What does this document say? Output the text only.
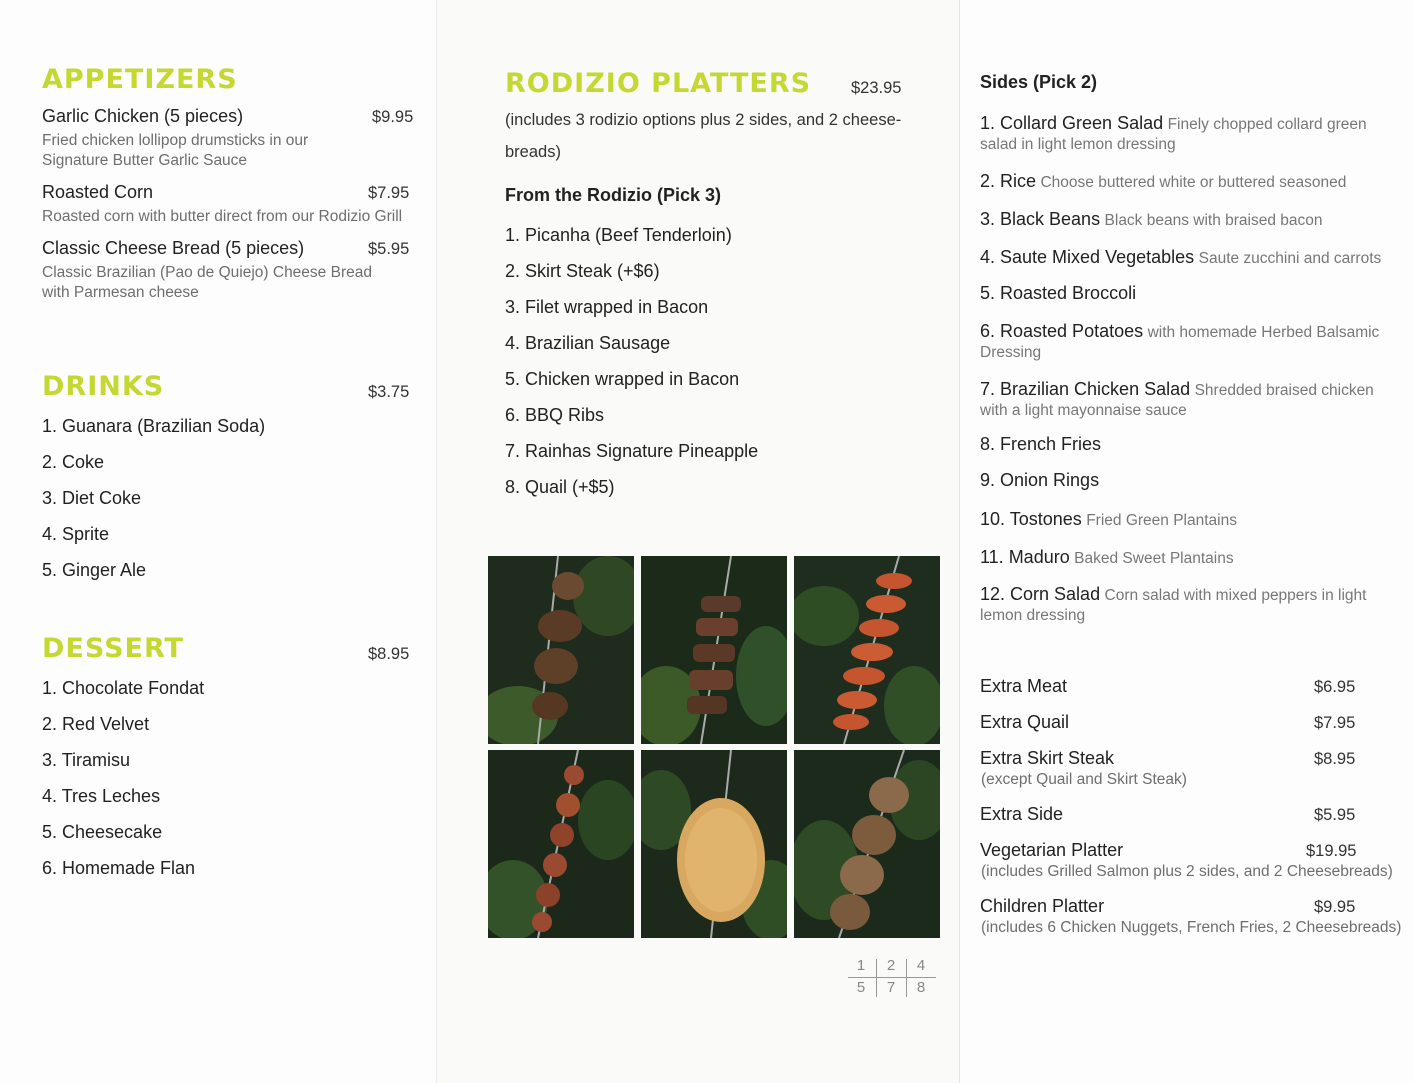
APPETIZERS
Garlic Chicken (5 pieces)	$9.95
Fried chicken lollipop drumsticks in our Signature Butter Garlic Sauce
Roasted Corn	$7.95
Roasted corn with butter direct from our Rodizio Grill
Classic Cheese Bread (5 pieces)	$5.95
Classic Brazilian (Pao de Quiejo) Cheese Bread with Parmesan cheese
DRINKS	$3.75
1. Guanara (Brazilian Soda)
2. Coke
3. Diet Coke
4. Sprite
5. Ginger Ale
DESSERT	$8.95
1. Chocolate Fondat
2. Red Velvet
3. Tiramisu
4. Tres Leches
5. Cheesecake
6. Homemade Flan
RODIZIO PLATTERS $23.95
(includes 3 rodizio options plus 2 sides, and 2 cheese-
breads)
From the Rodizio (Pick 3)
1. Picanha (Beef Tenderloin)
2. Skirt Steak (+$6)
3. Filet wrapped in Bacon
4. Brazilian Sausage
5. Chicken wrapped in Bacon
6. BBQ Ribs
7. Rainhas Signature Pineapple
8. Quail (+$5)
1	2	4
5	7	8
Sides (Pick 2)
1. Collard Green Salad Finely chopped collard green
salad in light lemon dressing
2. Rice Choose buttered white or buttered seasoned
3. Black Beans Black beans with braised bacon
4. Saute Mixed Vegetables Saute zucchini and carrots
5. Roasted Broccoli
6. Roasted Potatoes with homemade Herbed Balsamic
Dressing
7. Brazilian Chicken Salad Shredded braised chicken
with a light mayonnaise sauce
8. French Fries
9. Onion Rings
10. Tostones Fried Green Plantains
11. Maduro Baked Sweet Plantains
12. Corn Salad Corn salad with mixed peppers in light
lemon dressing
Extra Meat	$6.95
Extra Quail	$7.95
Extra Skirt Steak	$8.95
(except Quail and Skirt Steak)
Extra Side	$5.95
Vegetarian Platter	$19.95
(includes Grilled Salmon plus 2 sides, and 2 Cheesebreads)
Children Platter	$9.95
(includes 6 Chicken Nuggets, French Fries, 2 Cheesebreads)
